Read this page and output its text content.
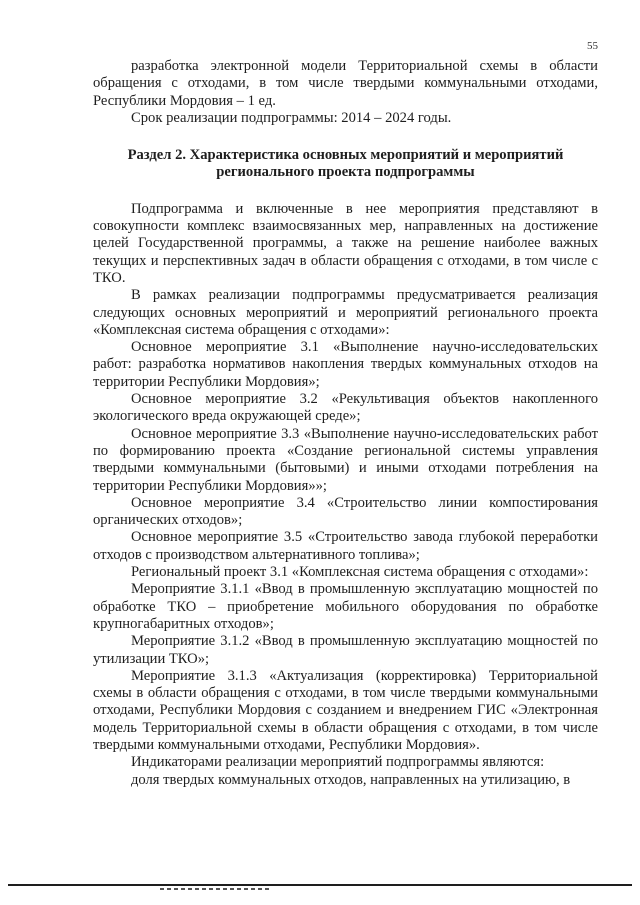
55

разработка электронной модели Территориальной схемы в области обращения с отходами, в том числе твердыми коммунальными отходами, Республики Мордовия – 1 ед.

Срок реализации подпрограммы: 2014 – 2024 годы.

Раздел 2. Характеристика основных мероприятий и мероприятий регионального проекта подпрограммы

Подпрограмма и включенные в нее мероприятия представляют в совокупности комплекс взаимосвязанных мер, направленных на достижение целей Государственной программы, а также на решение наиболее важных текущих и перспективных задач в области обращения с отходами, в том числе с ТКО.

В рамках реализации подпрограммы предусматривается реализация следующих основных мероприятий и мероприятий регионального проекта «Комплексная система обращения с отходами»:

Основное мероприятие 3.1 «Выполнение научно-исследовательских работ: разработка нормативов накопления твердых коммунальных отходов на территории Республики Мордовия»;

Основное мероприятие 3.2 «Рекультивация объектов накопленного экологического вреда окружающей среде»;

Основное мероприятие 3.3 «Выполнение научно-исследовательских работ по формированию проекта «Создание региональной системы управления твердыми коммунальными (бытовыми) и иными отходами потребления на территории Республики Мордовия»»;

Основное мероприятие 3.4 «Строительство линии компостирования органических отходов»;

Основное мероприятие 3.5 «Строительство завода глубокой переработки отходов с производством альтернативного топлива»;

Региональный проект 3.1 «Комплексная система обращения с отходами»:

Мероприятие 3.1.1 «Ввод в промышленную эксплуатацию мощностей по обработке ТКО – приобретение мобильного оборудования по обработке крупногабаритных отходов»;

Мероприятие 3.1.2 «Ввод в промышленную эксплуатацию мощностей по утилизации ТКО»;

Мероприятие 3.1.3 «Актуализация (корректировка) Территориальной схемы в области обращения с отходами, в том числе твердыми коммунальными отходами, Республики Мордовия с созданием и внедрением ГИС «Электронная модель Территориальной схемы в области обращения с отходами, в том числе твердыми коммунальными отходами, Республики Мордовия».

Индикаторами реализации мероприятий подпрограммы являются:

доля твердых коммунальных отходов, направленных на утилизацию, в
